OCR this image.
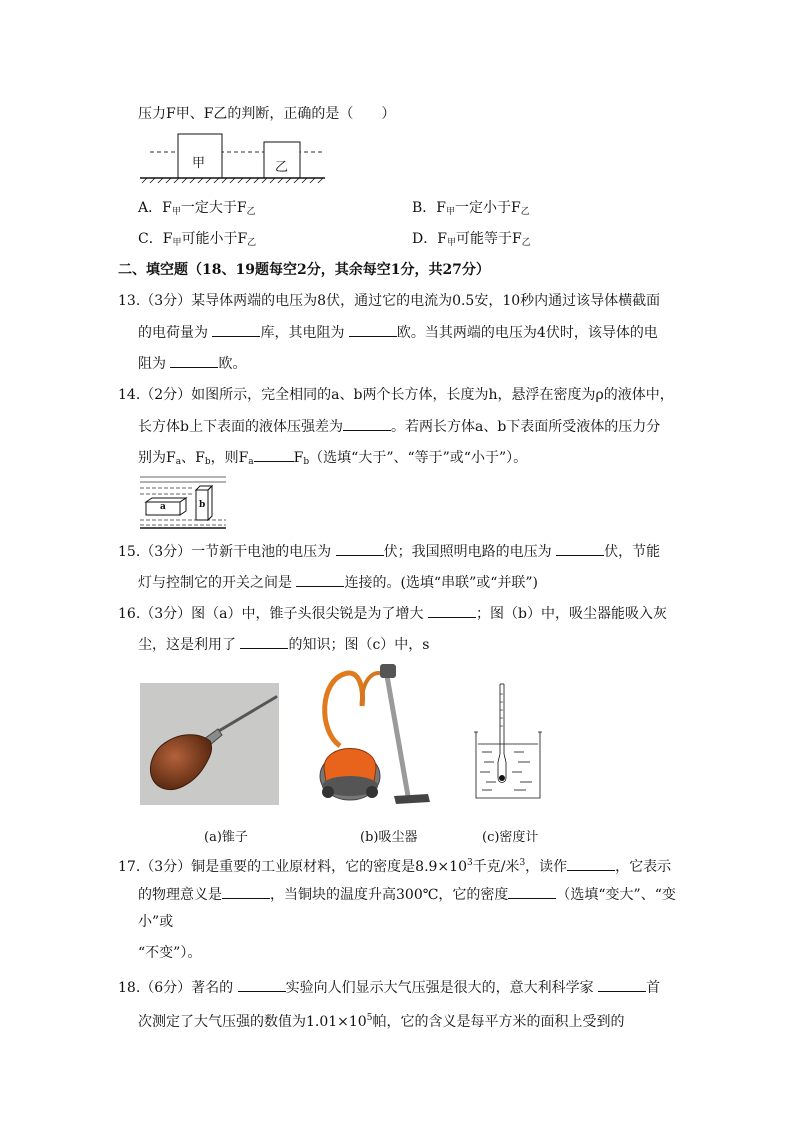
压力F甲、F乙的判断，正确的是（　　）
甲	乙
A．$F_甲$一定大于$F_乙$	B．$F_甲$一定小于$F_乙$
C．$F_甲$可能小于$F_乙$	D．$F_甲$可能等于$F_乙$
二、填空题（18、19题每空2分，其余每空1分，共27分）
13.（3分）某导体两端的电压为8伏，通过它的电流为0.5安，10秒内通过该导体横截面
的电荷量为	库，其电阻为	欧。当其两端的电压为4伏时，该导体的电
阻为	欧。
14.（2分）如图所示，完全相同的a、b两个长方体，长度为h，悬浮在密度为ρ的液体中，
长方体b上下表面的液体压强差为	。若两长方体a、b下表面所受液体的压力分
别为$F_a$、$F_b$，则$F_a$	$F_b$（选填“大于”、“等于”或“小于”）。
a	b
15.（3分）一节新干电池的电压为	伏；我国照明电路的电压为	伏，节能
灯与控制它的开关之间是	连接的。(选填“串联”或“并联”)
16.（3分）图（a）中，锥子头很尖锐是为了增大	；图（b）中，吸尘器能吸入灰
尘，这是利用了	的知识；图（c）中，s
(a)锥子	(b)吸尘器	(c)密度计
17.（3分）铜是重要的工业原材料，它的密度是$8.9\times 10^3$千克/米$^3$，读作	，它表示
的物理意义是	，当铜块的温度升高300℃，它的密度	（选填“变大”、“变
小”或
“不变”）。
18.（6分）著名的	实验向人们显示大气压强是很大的，意大利科学家	首
次测定了大气压强的数值为$1.01\times 10^5$帕，它的含义是每平方米的面积上受到的
